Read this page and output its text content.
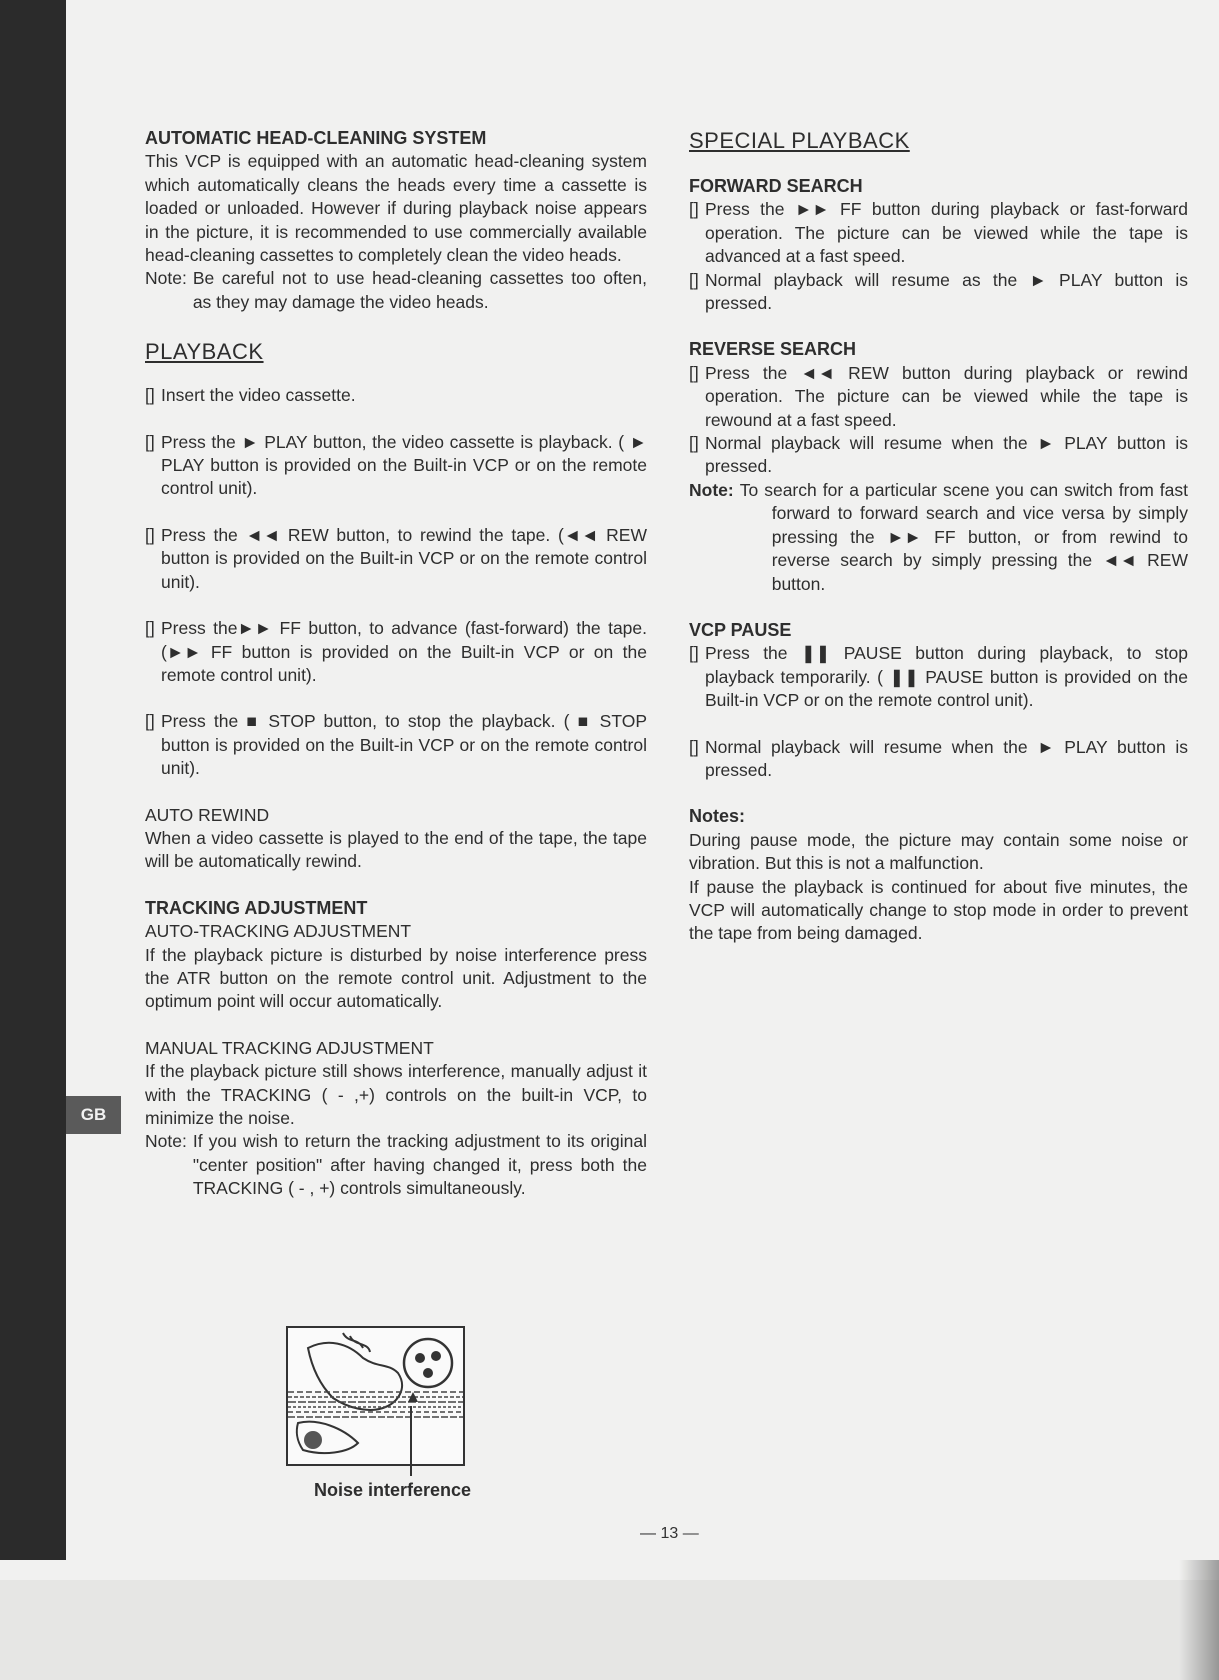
GB
AUTOMATIC HEAD-CLEANING SYSTEM

This VCP is equipped with an automatic head-cleaning system which automatically cleans the heads every time a cassette is loaded or unloaded. However if during playback noise appears in the picture, it is recommended to use commercially available head-cleaning cassettes to completely clean the video heads.

Note: Be careful not to use head-cleaning cassettes too often, as they may damage the video heads.
PLAYBACK

[] Insert the video cassette.

[] Press the ► PLAY button, the video cassette is playback. ( ► PLAY button is provided on the Built-in VCP or on the remote control unit).

[] Press the ◄◄ REW button, to rewind the tape. (◄◄ REW button is provided on the Built-in VCP or on the remote control unit).

[] Press the►► FF button, to advance (fast-forward) the tape. (►► FF button is provided on the Built-in VCP or on the remote control unit).

[] Press the ■ STOP button, to stop the playback. ( ■ STOP button is provided on the Built-in VCP or on the remote control unit).

AUTO REWIND

When a video cassette is played to the end of the tape, the tape will be automatically rewind.

TRACKING ADJUSTMENT

AUTO-TRACKING ADJUSTMENT

If the playback picture is disturbed by noise interference press the ATR button on the remote control unit. Adjustment to the optimum point will occur automatically.

MANUAL TRACKING ADJUSTMENT

If the playback picture still shows interference, manually adjust it with the TRACKING ( - ,+) controls on the built-in VCP, to minimize the noise.

Note: If you wish to return the tracking adjustment to its original "center position" after having changed it, press both the TRACKING ( - , +) controls simultaneously.
Noise interference
SPECIAL PLAYBACK
FORWARD SEARCH

[] Press the ►► FF button during playback or fast-forward operation. The picture can be viewed while the tape is advanced at a fast speed.

[] Normal playback will resume as the ► PLAY button is pressed.

REVERSE SEARCH

[] Press the ◄◄ REW button during playback or rewind operation. The picture can be viewed while the tape is rewound at a fast speed.

[] Normal playback will resume when the ► PLAY button is pressed.

Note: To search for a particular scene you can switch from fast forward to forward search and vice versa by simply pressing the ►► FF button, or from rewind to reverse search by simply pressing the ◄◄ REW button.
VCP PAUSE

[] Press the ❚❚ PAUSE button during playback, to stop playback temporarily. ( ❚❚ PAUSE button is provided on the Built-in VCP or on the remote control unit).

[] Normal playback will resume when the ► PLAY button is pressed.

Notes:

During pause mode, the picture may contain some noise or vibration. But this is not a malfunction.

If pause the playback is continued for about five minutes, the VCP will automatically change to stop mode in order to prevent the tape from being damaged.

— 13 —
